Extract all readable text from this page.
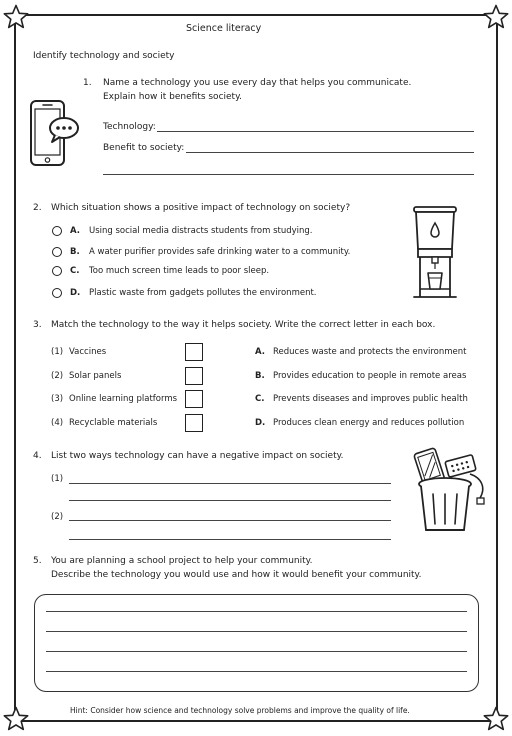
Science literacy
Identify technology and society
1. Name a technology you use every day that helps you communicate.
Explain how it benefits society.
Technology:
Benefit to society:
2. Which situation shows a positive impact of technology on society?
A. Using social media distracts students from studying.
B. A water purifier provides safe drinking water to a community.
C. Too much screen time leads to poor sleep.
D. Plastic waste from gadgets pollutes the environment.
3. Match the technology to the way it helps society. Write the correct letter in each box.
(1) Vaccines
(2) Solar panels
(3) Online learning platforms
(4) Recyclable materials
A. Reduces waste and protects the environment
B. Provides education to people in remote areas
C. Prevents diseases and improves public health
D. Produces clean energy and reduces pollution
4. List two ways technology can have a negative impact on society.
(1)
(2)
5. You are planning a school project to help your community.
Describe the technology you would use and how it would benefit your community.
Hint: Consider how science and technology solve problems and improve the quality of life.
